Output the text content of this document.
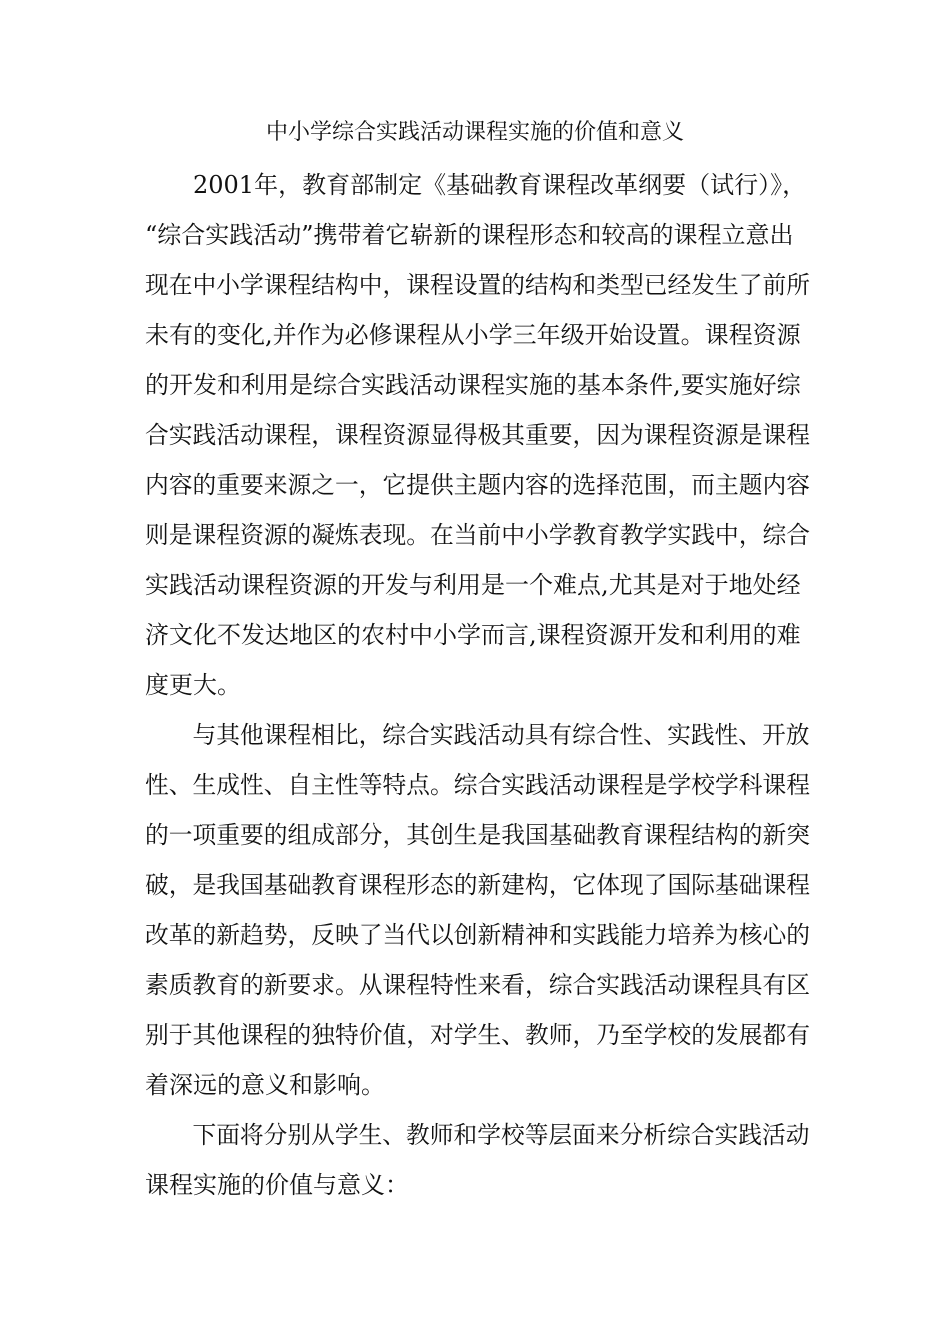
中小学综合实践活动课程实施的价值和意义
2001年，教育部制定《基础教育课程改革纲要（试行）》，
“综合实践活动”携带着它崭新的课程形态和较高的课程立意出
现在中小学课程结构中，课程设置的结构和类型已经发生了前所
未有的变化,并作为必修课程从小学三年级开始设置。课程资源
的开发和利用是综合实践活动课程实施的基本条件,要实施好综
合实践活动课程，课程资源显得极其重要，因为课程资源是课程
内容的重要来源之一，它提供主题内容的选择范围，而主题内容
则是课程资源的凝炼表现。在当前中小学教育教学实践中，综合
实践活动课程资源的开发与利用是一个难点,尤其是对于地处经
济文化不发达地区的农村中小学而言,课程资源开发和利用的难
度更大。
与其他课程相比，综合实践活动具有综合性、实践性、开放
性、生成性、自主性等特点。综合实践活动课程是学校学科课程
的一项重要的组成部分，其创生是我国基础教育课程结构的新突
破，是我国基础教育课程形态的新建构，它体现了国际基础课程
改革的新趋势，反映了当代以创新精神和实践能力培养为核心的
素质教育的新要求。从课程特性来看，综合实践活动课程具有区
别于其他课程的独特价值，对学生、教师，乃至学校的发展都有
着深远的意义和影响。
下面将分别从学生、教师和学校等层面来分析综合实践活动
课程实施的价值与意义：
